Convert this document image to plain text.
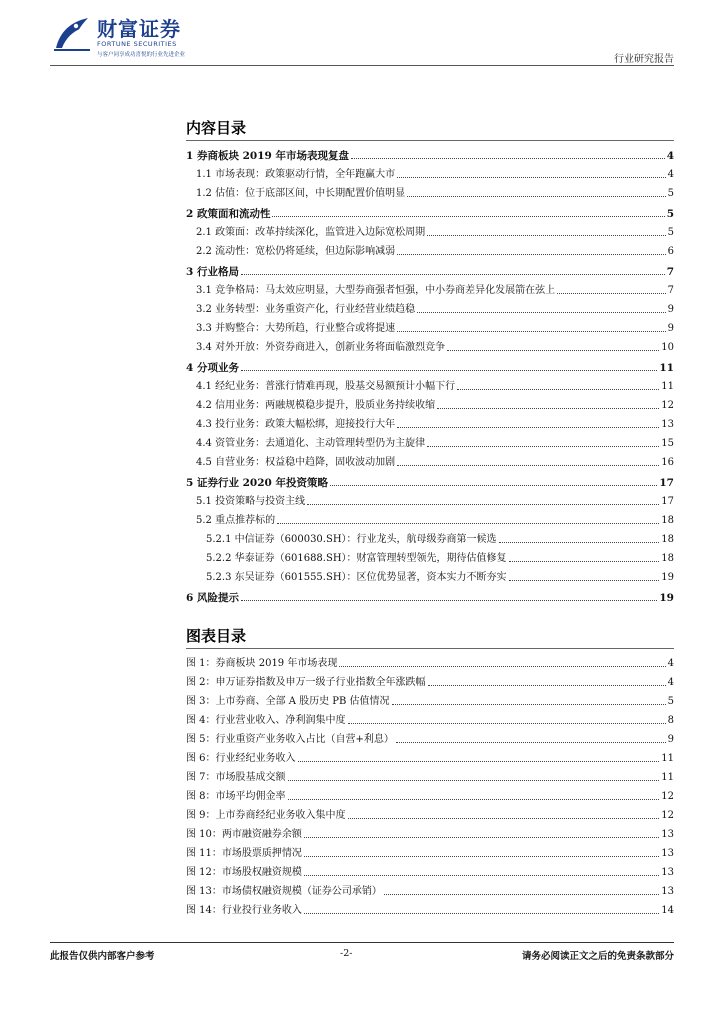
财富证券
FORTUNE SECURITIES
与客户同享成功喜悦的行业先进企业	行业研究报告
内容目录
1 券商板块 2019 年市场表现复盘	4
1.1 市场表现：政策驱动行情，全年跑赢大市	4
1.2 估值：位于底部区间，中长期配置价值明显	5
2 政策面和流动性	5
2.1 政策面：改革持续深化，监管进入边际宽松周期	5
2.2 流动性：宽松仍将延续，但边际影响减弱	6
3 行业格局	7
3.1 竞争格局：马太效应明显，大型券商强者恒强，中小券商差异化发展箭在弦上	7
3.2 业务转型：业务重资产化，行业经营业绩趋稳	9
3.3 并购整合：大势所趋，行业整合或将提速	9
3.4 对外开放：外资券商进入，创新业务将面临激烈竞争	10
4 分项业务	11
4.1 经纪业务：普涨行情难再现，股基交易额预计小幅下行	11
4.2 信用业务：两融规模稳步提升，股质业务持续收缩	12
4.3 投行业务：政策大幅松绑，迎接投行大年	13
4.4 资管业务：去通道化、主动管理转型仍为主旋律	15
4.5 自营业务：权益稳中趋降，固收波动加剧	16
5 证券行业 2020 年投资策略	17
5.1 投资策略与投资主线	17
5.2 重点推荐标的	18
5.2.1 中信证券（600030.SH）：行业龙头，航母级券商第一候选	18
5.2.2 华泰证券（601688.SH）：财富管理转型领先，期待估值修复	18
5.2.3 东吴证券（601555.SH）：区位优势显著，资本实力不断夯实	19
6 风险提示	19
图表目录
图 1：券商板块 2019 年市场表现	4
图 2：申万证券指数及申万一级子行业指数全年涨跌幅	4
图 3：上市券商、全部 A 股历史 PB 估值情况	5
图 4：行业营业收入、净利润集中度	8
图 5：行业重资产业务收入占比（自营+利息）	9
图 6：行业经纪业务收入	11
图 7：市场股基成交额	11
图 8：市场平均佣金率	12
图 9：上市券商经纪业务收入集中度	12
图 10：两市融资融券余额	13
图 11：市场股票质押情况	13
图 12：市场股权融资规模	13
图 13：市场债权融资规模（证券公司承销）	13
图 14：行业投行业务收入	14
此报告仅供内部客户参考	-2-	请务必阅读正文之后的免责条款部分
